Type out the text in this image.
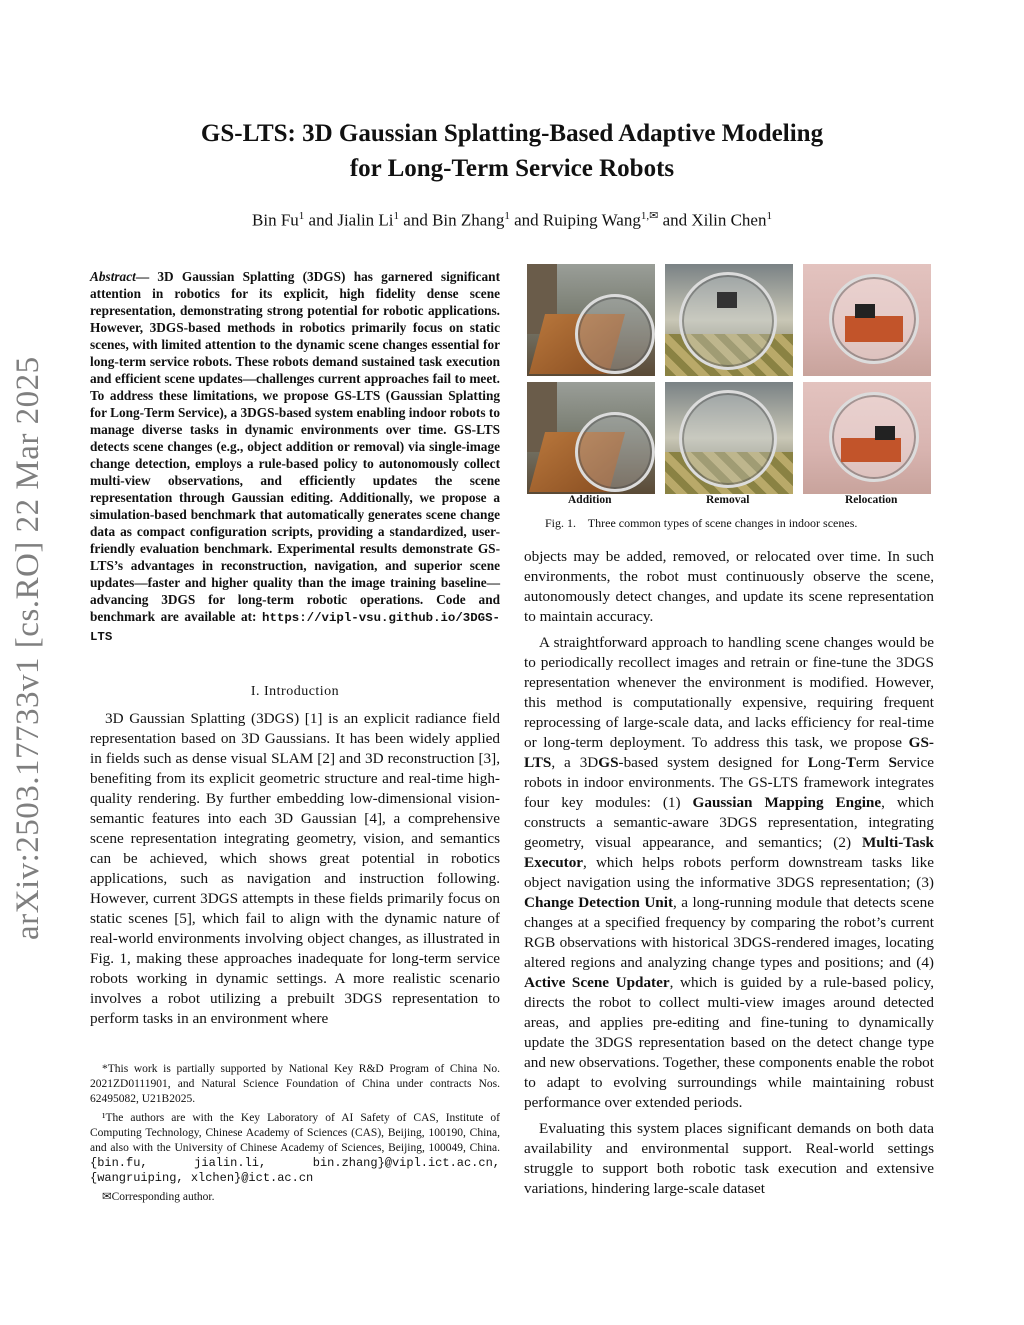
arXiv:2503.17733v1 [cs.RO] 22 Mar 2025
GS-LTS: 3D Gaussian Splatting-Based Adaptive Modeling
for Long-Term Service Robots
Bin Fu$^1$ and Jialin Li$^1$ and Bin Zhang$^1$ and Ruiping Wang$^{1,✉}$ and Xilin Chen$^1$
Abstract— 3D Gaussian Splatting (3DGS) has garnered significant attention in robotics for its explicit, high fidelity dense scene representation, demonstrating strong potential for robotic applications. However, 3DGS-based methods in robotics primarily focus on static scenes, with limited attention to the dynamic scene changes essential for long-term service robots. These robots demand sustained task execution and efficient scene updates—challenges current approaches fail to meet. To address these limitations, we propose GS-LTS (Gaussian Splatting for Long-Term Service), a 3DGS-based system enabling indoor robots to manage diverse tasks in dynamic environments over time. GS-LTS detects scene changes (e.g., object addition or removal) via single-image change detection, employs a rule-based policy to autonomously collect multi-view observations, and efficiently updates the scene representation through Gaussian editing. Additionally, we propose a simulation-based benchmark that automatically generates scene change data as compact configuration scripts, providing a standardized, user-friendly evaluation benchmark. Experimental results demonstrate GS-LTS’s advantages in reconstruction, navigation, and superior scene updates—faster and higher quality than the image training baseline—advancing 3DGS for long-term robotic operations. Code and benchmark are available at: https://vipl-vsu.github.io/3DGS-LTS
I. Introduction

3D Gaussian Splatting (3DGS) [1] is an explicit radiance field representation based on 3D Gaussians. It has been widely applied in fields such as dense visual SLAM [2] and 3D reconstruction [3], benefiting from its explicit geometric structure and real-time high-quality rendering. By further embedding low-dimensional vision-semantic features into each 3D Gaussian [4], a comprehensive scene representation integrating geometry, vision, and semantics can be achieved, which shows great potential in robotics applications, such as navigation and instruction following. However, current 3DGS attempts in these fields primarily focus on static scenes [5], which fail to align with the dynamic nature of real-world environments involving object changes, as illustrated in Fig. 1, making these approaches inadequate for long-term service robots working in dynamic settings. A more realistic scenario involves a robot utilizing a prebuilt 3DGS representation to perform tasks in an environment where

*This work is partially supported by National Key R&D Program of China No. 2021ZD0111901, and Natural Science Foundation of China under contracts Nos. 62495082, U21B2025.

¹The authors are with the Key Laboratory of AI Safety of CAS, Institute of Computing Technology, Chinese Academy of Sciences (CAS), Beijing, 100190, China, and also with the University of Chinese Academy of Sciences, Beijing, 100049, China. {bin.fu, jialin.li, bin.zhang}@vipl.ict.ac.cn, {wangruiping, xlchen}@ict.ac.cn

✉Corresponding author.

Addition	Removal	Relocation
Fig. 1.    Three common types of scene changes in indoor scenes.

objects may be added, removed, or relocated over time. In such environments, the robot must continuously observe the scene, autonomously detect changes, and update its scene representation to maintain accuracy.

A straightforward approach to handling scene changes would be to periodically recollect images and retrain or fine-tune the 3DGS representation whenever the environment is modified. However, this method is computationally expensive, requiring frequent reprocessing of large-scale data, and lacks efficiency for real-time or long-term deployment. To address this task, we propose GS-LTS, a 3DGS-based system designed for Long-Term Service robots in indoor environments. The GS-LTS framework integrates four key modules: (1) Gaussian Mapping Engine, which constructs a semantic-aware 3DGS representation, integrating geometry, visual appearance, and semantics; (2) Multi-Task Executor, which helps robots perform downstream tasks like object navigation using the informative 3DGS representation; (3) Change Detection Unit, a long-running module that detects scene changes at a specified frequency by comparing the robot’s current RGB observations with historical 3DGS-rendered images, locating altered regions and analyzing change types and positions; and (4) Active Scene Updater, which is guided by a rule-based policy, directs the robot to collect multi-view images around detected areas, and applies pre-editing and fine-tuning to dynamically update the 3DGS representation based on the detect change type and new observations. Together, these components enable the robot to adapt to evolving surroundings while maintaining robust performance over extended periods.

Evaluating this system places significant demands on both data availability and environmental support. Real-world settings struggle to support both robotic task execution and extensive variations, hindering large-scale dataset
